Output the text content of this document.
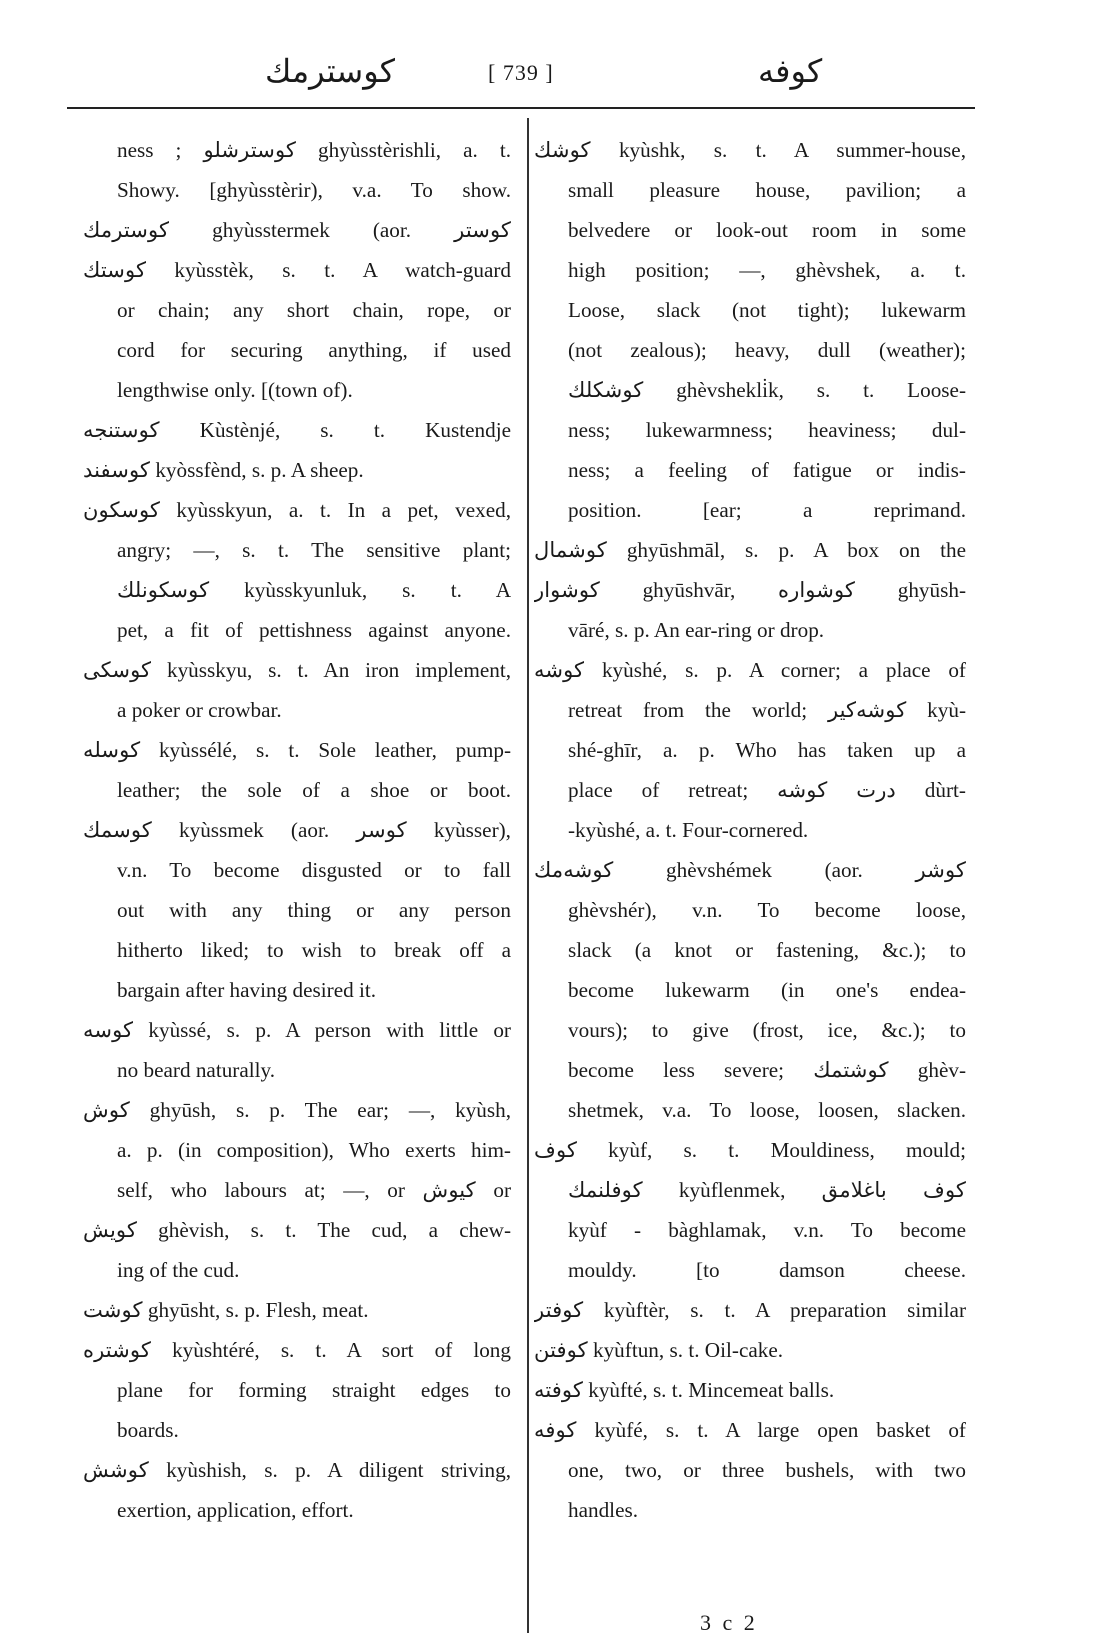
کوسترمك	[ 739 ]	کوفه
ness ; کوسترشلو ghyùsstèrishli, a. t.
Showy. [ghyùsstèrir), v.a. To show.
کوسترمك ghyùsstermek (aor. کوستر
کوستك kyùsstèk, s. t. A watch-guard
or chain; any short chain, rope, or
cord for securing anything, if used
lengthwise only. [(town of).
کوستنجه Kùstènjé, s. t. Kustendje
کوسفند kyòssfènd, s. p. A sheep.
کوسکون kyùsskyun, a. t. In a pet, vexed,
angry; —, s. t. The sensitive plant;
کوسکونلك kyùsskyunluk, s. t. A
pet, a fit of pettishness against anyone.
کوسکی kyùsskyu, s. t. An iron implement,
a poker or crowbar.
کوسله kyùssélé, s. t. Sole leather, pump-
leather; the sole of a shoe or boot.
کوسمك kyùssmek (aor. کوسر kyùsser),
v.n. To become disgusted or to fall
out with any thing or any person
hitherto liked; to wish to break off a
bargain after having desired it.
کوسه kyùssé, s. p. A person with little or
no beard naturally.
کوش ghyūsh, s. p. The ear; —, kyùsh,
a. p. (in composition), Who exerts him-
self, who labours at; —, or کیوش or
کویش ghèvish, s. t. The cud, a chew-
ing of the cud.
کوشت ghyūsht, s. p. Flesh, meat.
کوشتره kyùshtéré, s. t. A sort of long
plane for forming straight edges to
boards.
کوشش kyùshish, s. p. A diligent striving,
exertion, application, effort.
کوشك kyùshk, s. t. A summer-house,
small pleasure house, pavilion; a
belvedere or look-out room in some
high position; —, ghèvshek, a. t.
Loose, slack (not tight); lukewarm
(not zealous); heavy, dull (weather);
کوشکلك ghèvshekli̇k, s. t. Loose-
ness; lukewarmness; heaviness; dul-
ness; a feeling of fatigue or indis-
position. [ear; a reprimand.
کوشمال ghyūshmāl, s. p. A box on the
کوشوار ghyūshvār, کوشواره ghyūsh-
vāré, s. p. An ear-ring or drop.
کوشه kyùshé, s. p. A corner; a place of
retreat from the world; کوشه‌کیر kyù-
shé-ghīr, a. p. Who has taken up a
place of retreat; درت کوشه dùrt-
-kyùshé, a. t. Four-cornered.
کوشه‌مك ghèvshémek (aor. کوشر
ghèvshér), v.n. To become loose,
slack (a knot or fastening, &c.); to
become lukewarm (in one's endea-
vours); to give (frost, ice, &c.); to
become less severe; کوشتمك ghèv-
shetmek, v.a. To loose, loosen, slacken.
کوف kyùf, s. t. Mouldiness, mould;
کوفلنمك kyùflenmek, کوف باغلامق
kyùf - bàghlamak, v.n. To become
mouldy. [to damson cheese.
کوفتر kyùftèr, s. t. A preparation similar
کوفتن kyùftun, s. t. Oil-cake.
کوفته kyùfté, s. t. Mincemeat balls.
کوفه kyùfé, s. t. A large open basket of
one, two, or three bushels, with two
handles.
3 c 2
